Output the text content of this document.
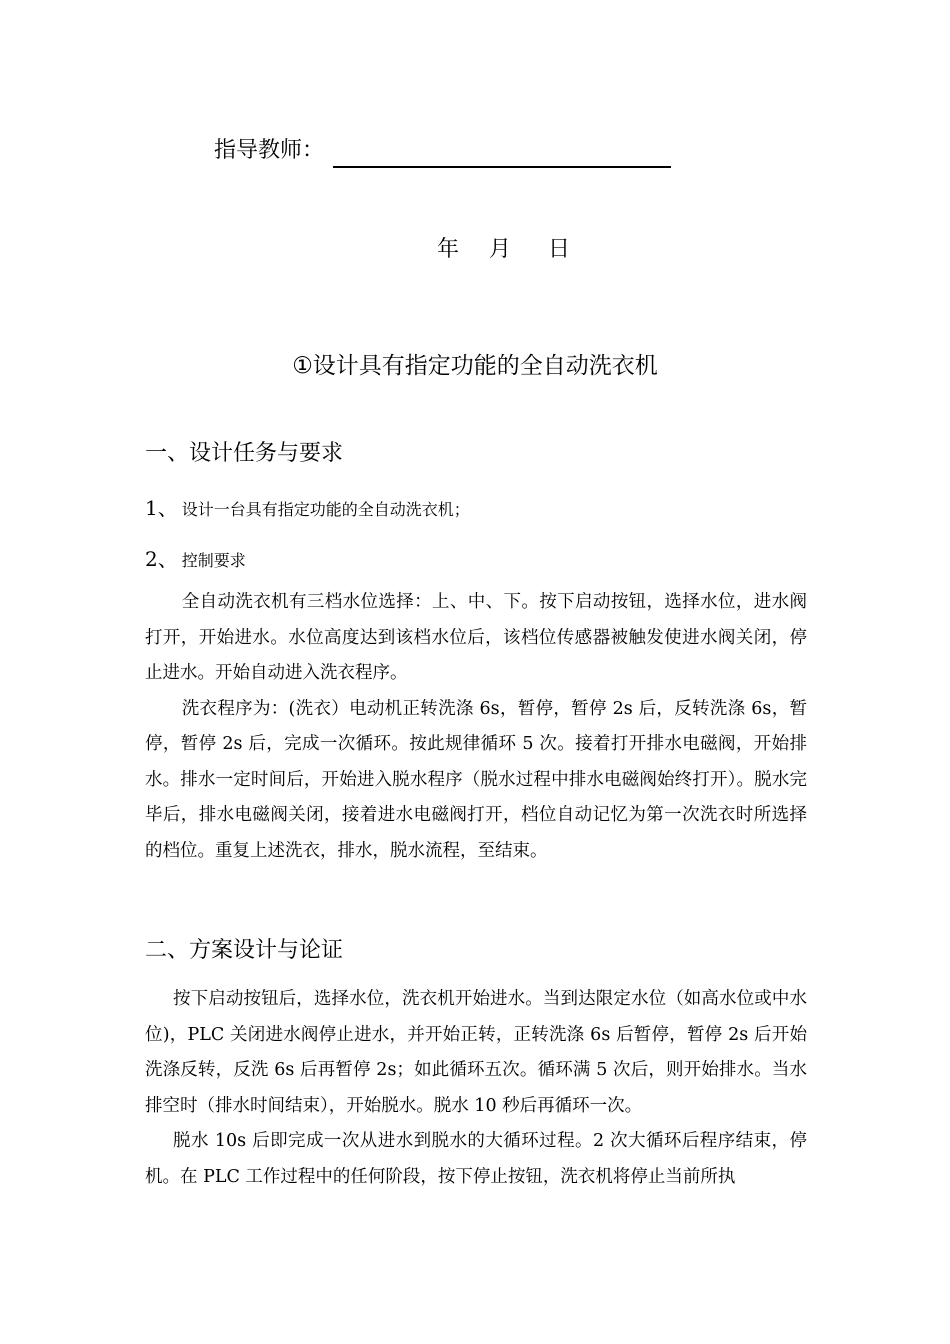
指导教师：
年 月 日
①设计具有指定功能的全自动洗衣机
一、设计任务与要求
1、 设计一台具有指定功能的全自动洗衣机；
2、 控制要求

全自动洗衣机有三档水位选择：上、中、下。按下启动按钮，选择水位，进水阀打开，开始进水。水位高度达到该档水位后，该档位传感器被触发使进水阀关闭，停止进水。开始自动进入洗衣程序。

洗衣程序为：(洗衣）电动机正转洗涤 6s，暂停，暂停 2s 后，反转洗涤 6s，暂停，暂停 2s 后，完成一次循环。按此规律循环 5 次。接着打开排水电磁阀，开始排水。排水一定时间后，开始进入脱水程序（脱水过程中排水电磁阀始终打开）。脱水完毕后，排水电磁阀关闭，接着进水电磁阀打开，档位自动记忆为第一次洗衣时所选择的档位。重复上述洗衣，排水，脱水流程，至结束。

二、方案设计与论证

按下启动按钮后，选择水位，洗衣机开始进水。当到达限定水位（如高水位或中水位)，PLC 关闭进水阀停止进水，并开始正转，正转洗涤 6s 后暂停，暂停 2s 后开始洗涤反转，反洗 6s 后再暂停 2s；如此循环五次。循环满 5 次后，则开始排水。当水排空时（排水时间结束），开始脱水。脱水 10 秒后再循环一次。

脱水 10s 后即完成一次从进水到脱水的大循环过程。2 次大循环后程序结束，停机。在 PLC 工作过程中的任何阶段，按下停止按钮，洗衣机将停止当前所执
